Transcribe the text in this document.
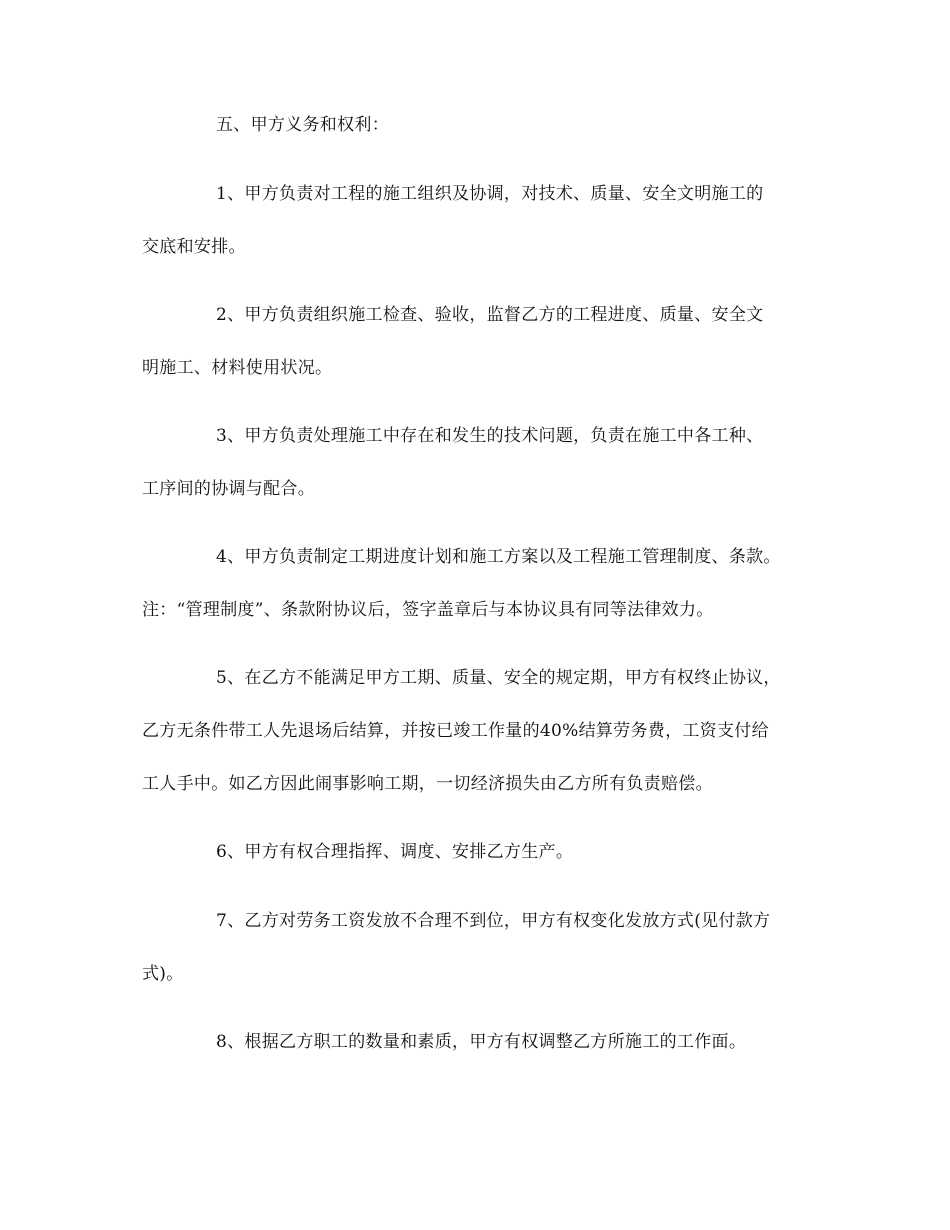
五、甲方义务和权利：
1、甲方负责对工程的施工组织及协调，对技术、质量、安全文明施工的
交底和安排。
2、甲方负责组织施工检查、验收，监督乙方的工程进度、质量、安全文
明施工、材料使用状况。
3、甲方负责处理施工中存在和发生的技术问题，负责在施工中各工种、
工序间的协调与配合。
4、甲方负责制定工期进度计划和施工方案以及工程施工管理制度、条款。
注：“管理制度”、条款附协议后，签字盖章后与本协议具有同等法律效力。
5、在乙方不能满足甲方工期、质量、安全的规定期，甲方有权终止协议，
乙方无条件带工人先退场后结算，并按已竣工作量的40%结算劳务费，工资支付给
工人手中。如乙方因此闹事影响工期，一切经济损失由乙方所有负责赔偿。
6、甲方有权合理指挥、调度、安排乙方生产。
7、乙方对劳务工资发放不合理不到位，甲方有权变化发放方式(见付款方
式)。
8、根据乙方职工的数量和素质，甲方有权调整乙方所施工的工作面。
